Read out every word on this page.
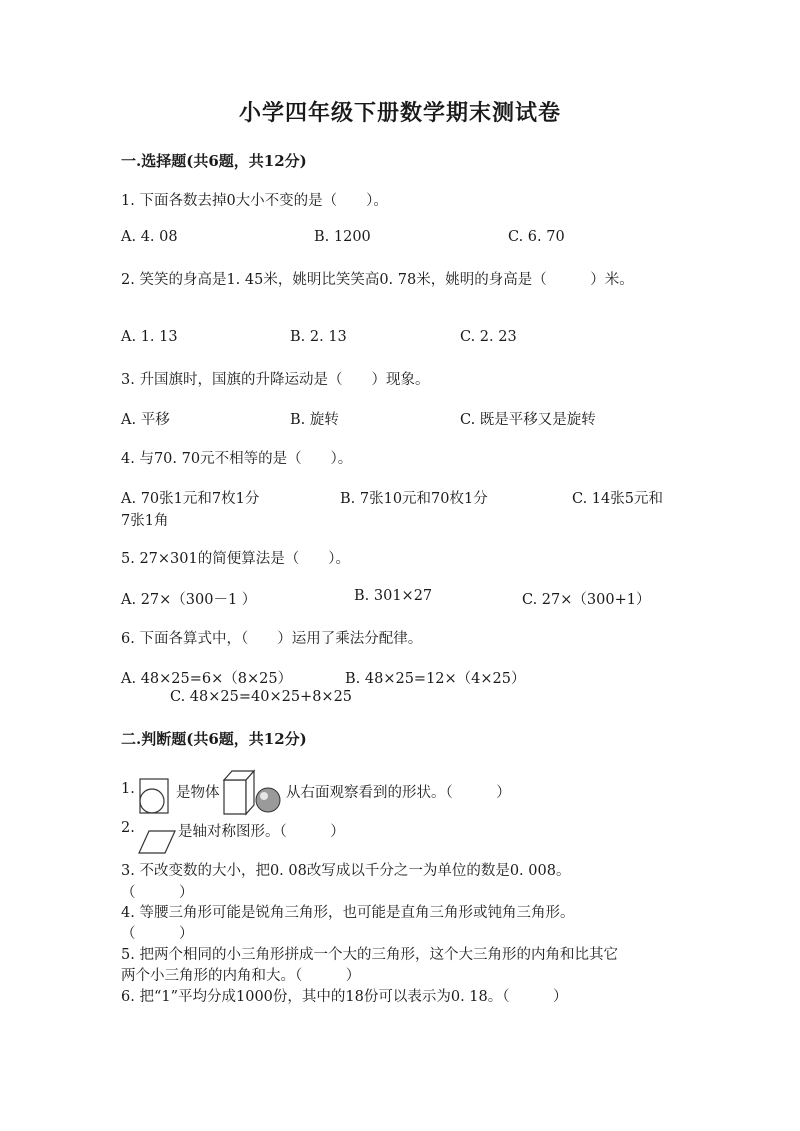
小学四年级下册数学期末测试卷
一.选择题(共6题，共12分)
1. 下面各数去掉0大小不变的是（　　）。
A. 4. 08	B. 1200	C. 6. 70
2. 笑笑的身高是1. 45米，姚明比笑笑高0. 78米，姚明的身高是（　　　）米。
A. 1. 13	B. 2. 13	C. 2. 23
3. 升国旗时，国旗的升降运动是（　　）现象。
A. 平移	B. 旋转	C. 既是平移又是旋转
4. 与70. 70元不相等的是（　　）。
A. 70张1元和7枚1分	B. 7张10元和70枚1分	C. 14张5元和
7张1角
5. 27×301的简便算法是（　　）。
A. 27×（300－1 ）	B. 301×27	C. 27×（300+1）
6. 下面各算式中，（　　）运用了乘法分配律。
A. 48×25=6×（8×25）	B. 48×25=12×（4×25）
C. 48×25=40×25+8×25
二.判断题(共6题，共12分)
1.	是物体	从右面观察看到的形状。（　　　）
2.	是轴对称图形。（　　　）
3. 不改变数的大小，把0. 08改写成以千分之一为单位的数是0. 008。
（　　　）
4. 等腰三角形可能是锐角三角形，也可能是直角三角形或钝角三角形。
（　　　）
5. 把两个相同的小三角形拼成一个大的三角形，这个大三角形的内角和比其它
两个小三角形的内角和大。（　　　）
6. 把“1”平均分成1000份，其中的18份可以表示为0. 18。（　　　）
